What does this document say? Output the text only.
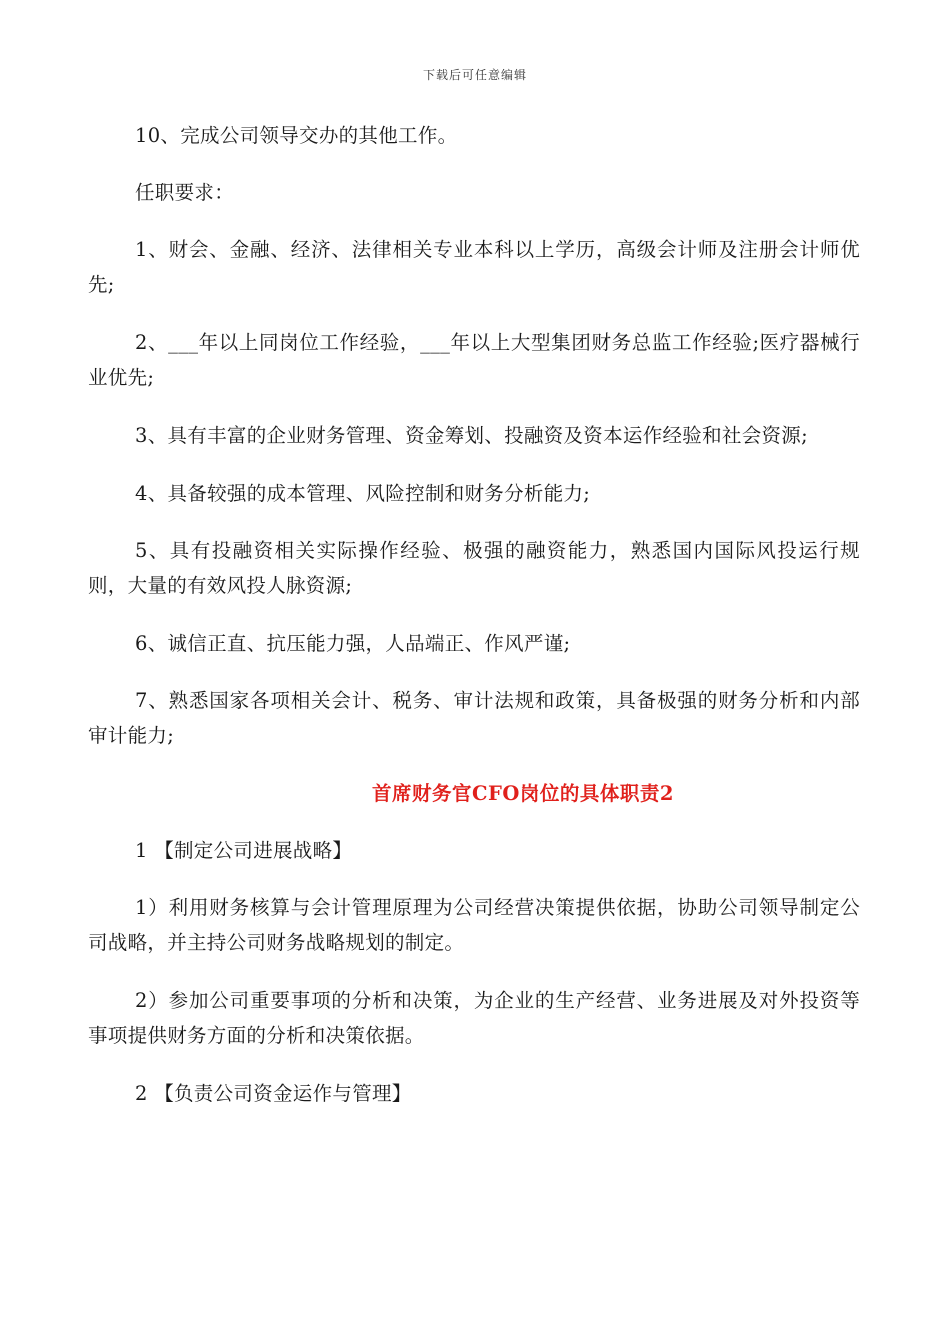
下载后可任意编辑

10、完成公司领导交办的其他工作。

任职要求：

1、财会、金融、经济、法律相关专业本科以上学历，高级会计师及注册会计师优先;

2、___年以上同岗位工作经验，___年以上大型集团财务总监工作经验;医疗器械行业优先;

3、具有丰富的企业财务管理、资金筹划、投融资及资本运作经验和社会资源;

4、具备较强的成本管理、风险控制和财务分析能力;

5、具有投融资相关实际操作经验、极强的融资能力，熟悉国内国际风投运行规则，大量的有效风投人脉资源;

6、诚信正直、抗压能力强，人品端正、作风严谨;

7、熟悉国家各项相关会计、税务、审计法规和政策，具备极强的财务分析和内部审计能力;

首席财务官CFO岗位的具体职责2

1 【制定公司进展战略】

1）利用财务核算与会计管理原理为公司经营决策提供依据，协助公司领导制定公司战略，并主持公司财务战略规划的制定。

2）参加公司重要事项的分析和决策，为企业的生产经营、业务进展及对外投资等事项提供财务方面的分析和决策依据。

2 【负责公司资金运作与管理】
